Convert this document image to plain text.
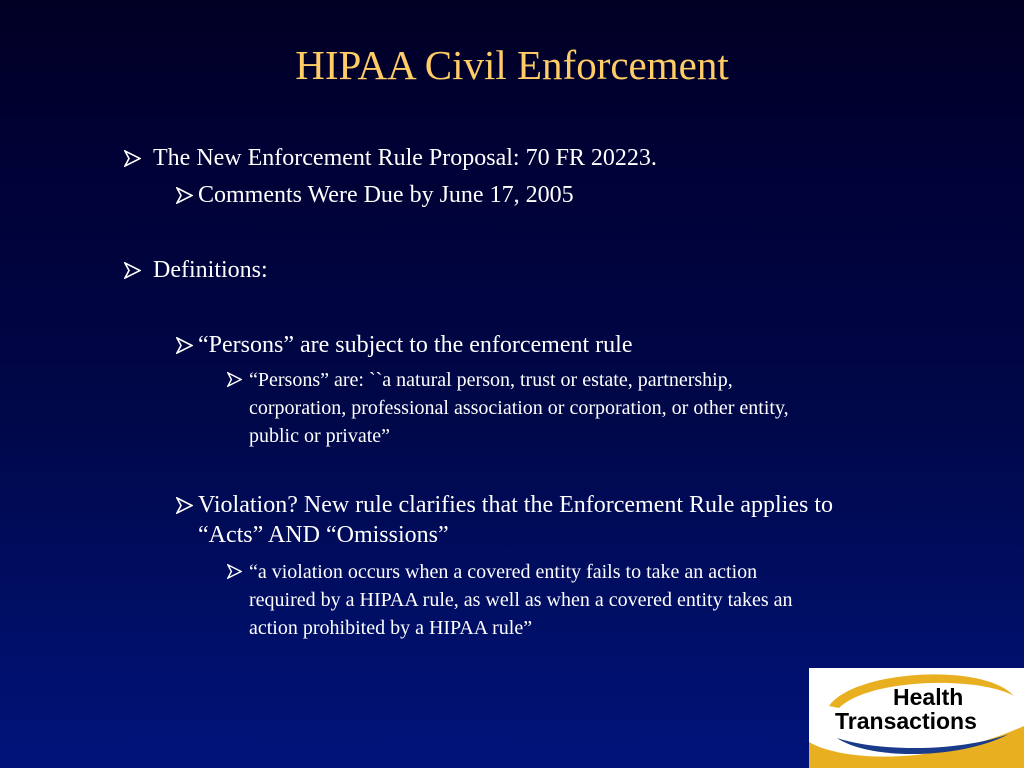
HIPAA Civil Enforcement
The New Enforcement Rule Proposal: 70 FR 20223.
Comments Were Due by June 17, 2005
Definitions:
“Persons” are subject to the enforcement rule
“Persons” are: ``a natural person, trust or estate, partnership,
corporation, professional association or corporation, or other entity,
public or private”
Violation? New rule clarifies that the Enforcement Rule applies to
“Acts” AND “Omissions”
“a violation occurs when a covered entity fails to take an action
required by a HIPAA rule, as well as when a covered entity takes an
action prohibited by a HIPAA rule”
Health
Transactions
